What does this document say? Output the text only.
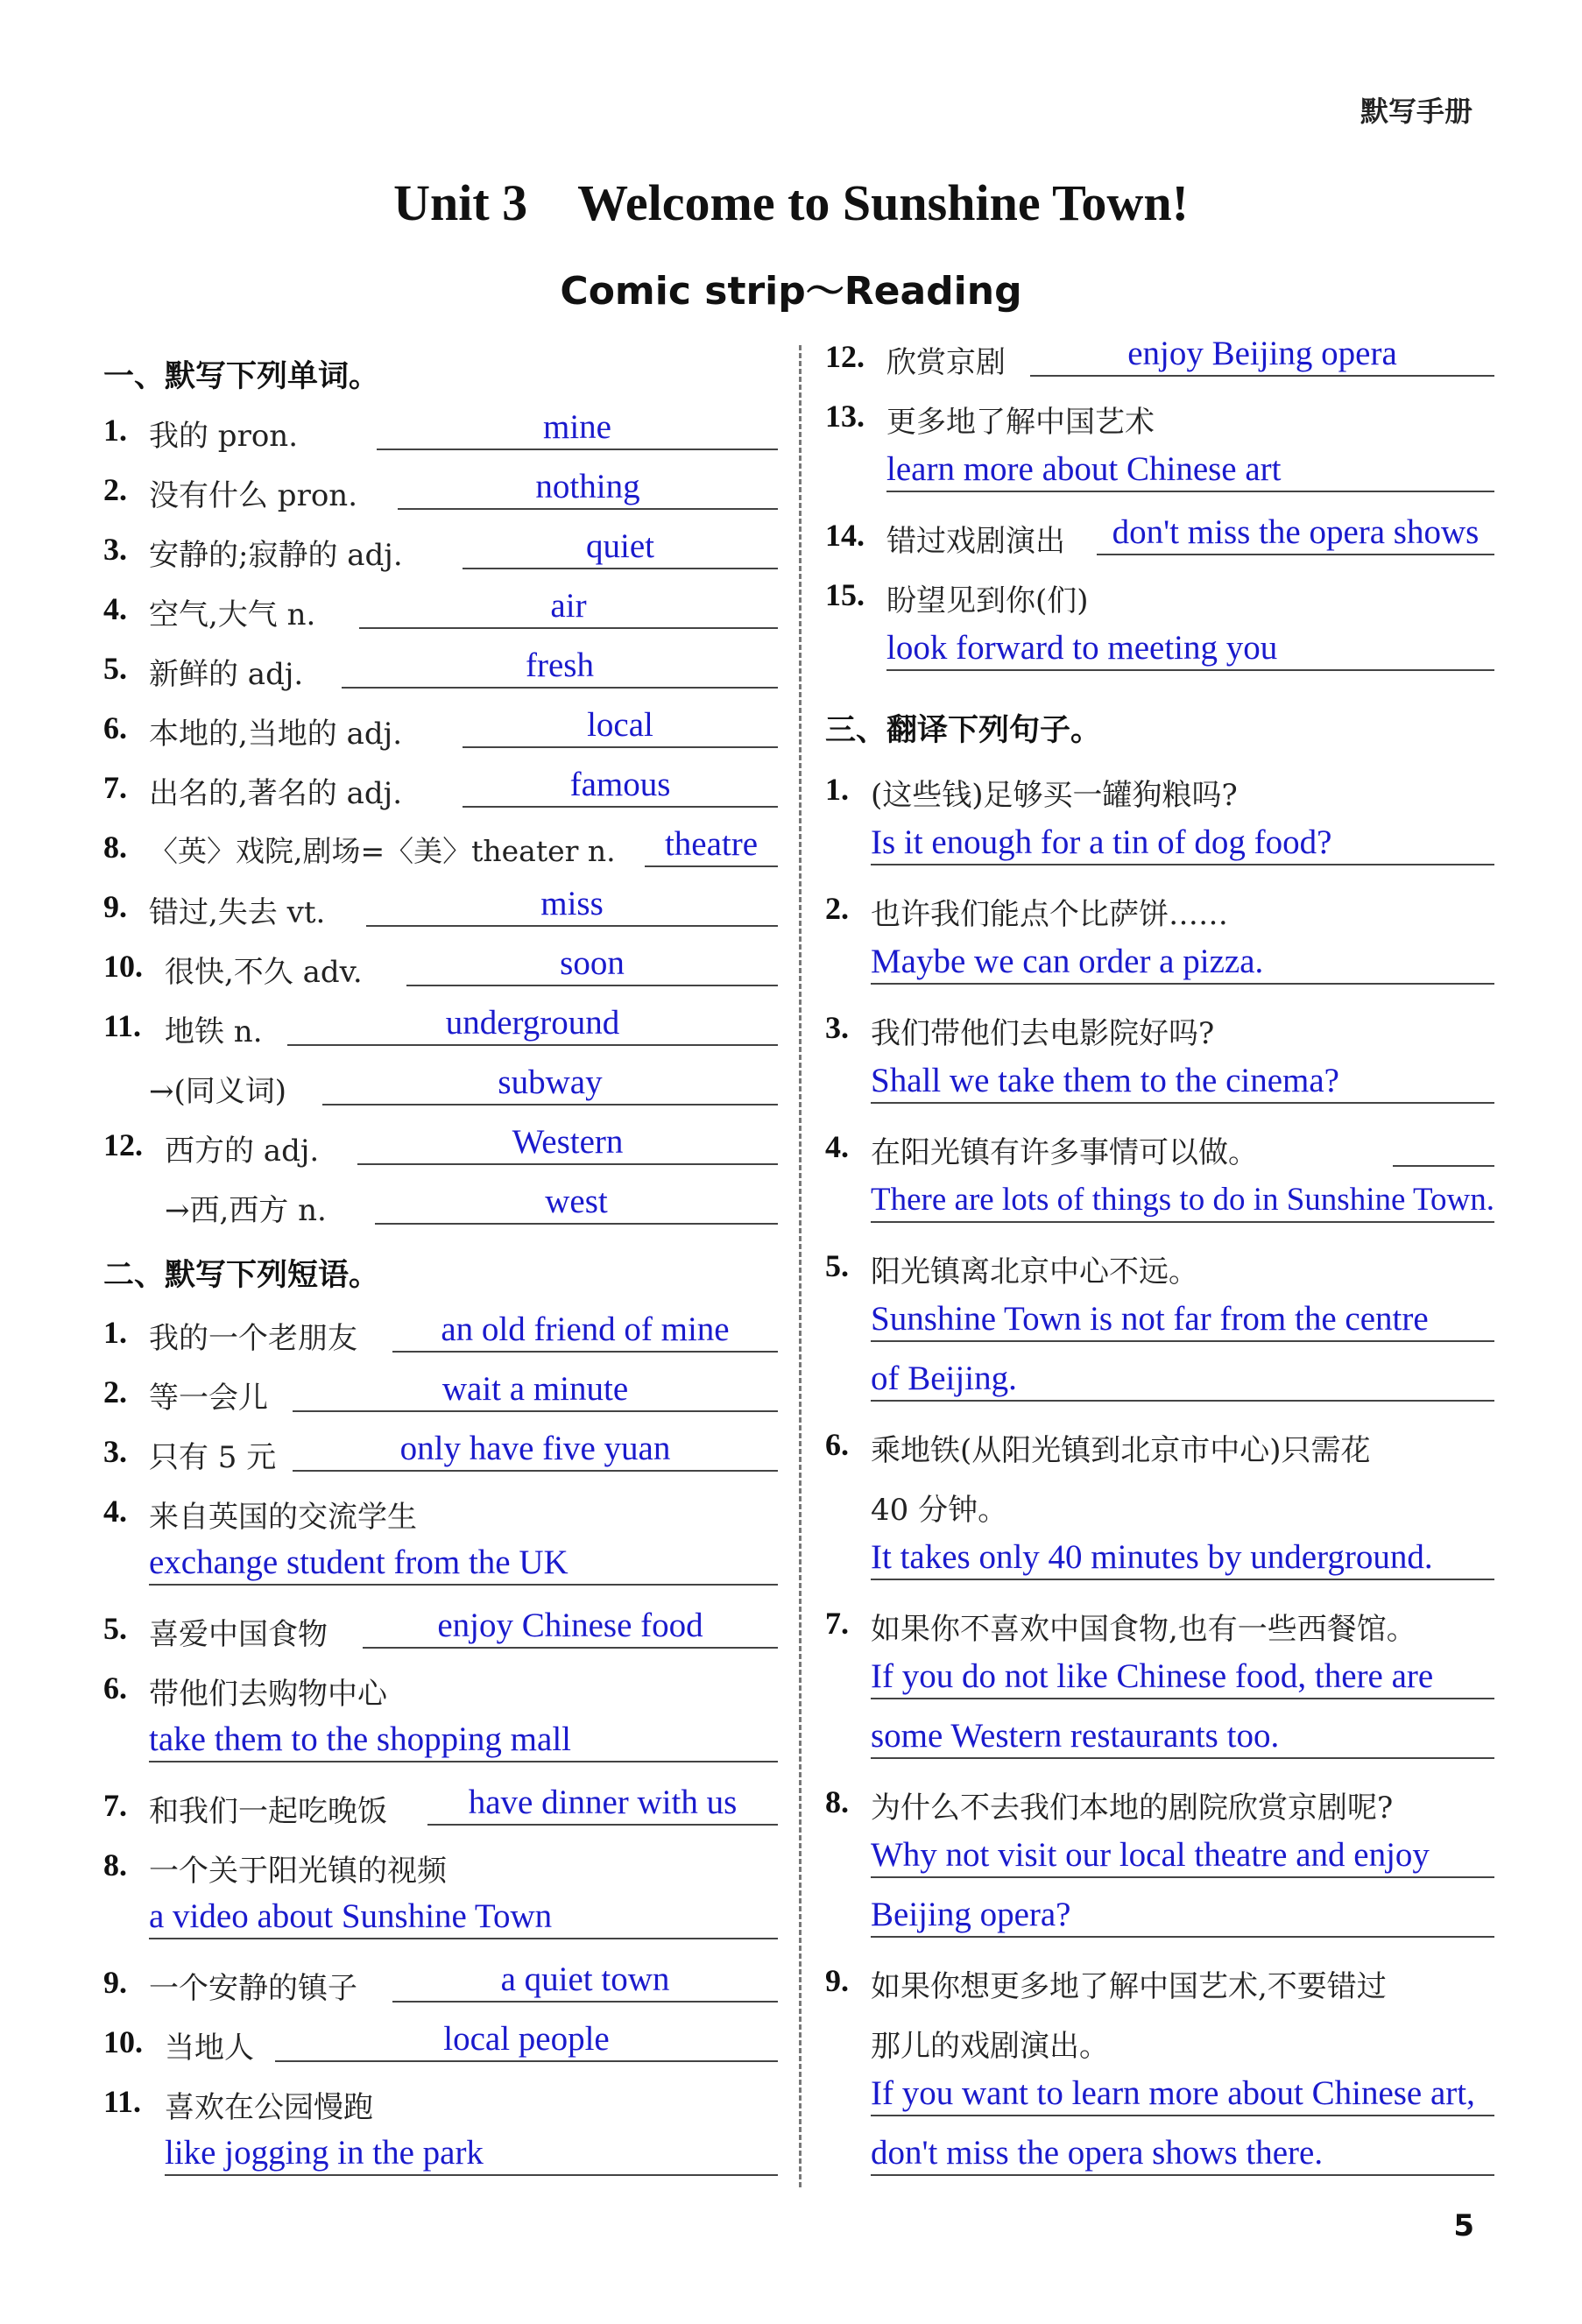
默写手册
Unit 3    Welcome to Sunshine Town!
Comic strip～Reading
一、默写下列单词。
1. 我的 pron.	mine
2. 没有什么 pron.	nothing
3. 安静的;寂静的 adj.	quiet
4. 空气,大气 n.	air
5. 新鲜的 adj.	fresh
6. 本地的,当地的 adj.	local
7. 出名的,著名的 adj.	famous
8. 〈英〉戏院,剧场=〈美〉theater n.	theatre
9. 错过,失去 vt.	miss
10. 很快,不久 adv.	soon
11. 地铁 n.	underground
→(同义词)	subway
12. 西方的 adj.	Western
→西,西方 n.	west
二、默写下列短语。
1. 我的一个老朋友	an old friend of mine
2. 等一会儿	wait a minute
3. 只有 5 元	only have five yuan
4. 来自英国的交流学生
exchange student from the UK
5. 喜爱中国食物	enjoy Chinese food
6. 带他们去购物中心
take them to the shopping mall
7. 和我们一起吃晚饭	have dinner with us
8. 一个关于阳光镇的视频
a video about Sunshine Town
9. 一个安静的镇子	a quiet town
10. 当地人	local people
11. 喜欢在公园慢跑
like jogging in the park
12. 欣赏京剧	enjoy Beijing opera
13. 更多地了解中国艺术
learn more about Chinese art
14. 错过戏剧演出	don't miss the opera shows
15. 盼望见到你(们)
look forward to meeting you
三、翻译下列句子。
1. (这些钱)足够买一罐狗粮吗?
Is it enough for a tin of dog food?
2. 也许我们能点个比萨饼……
Maybe we can order a pizza.
3. 我们带他们去电影院好吗?
Shall we take them to the cinema?
4. 在阳光镇有许多事情可以做。
There are lots of things to do in Sunshine Town.
5. 阳光镇离北京中心不远。
Sunshine Town is not far from the centre
of Beijing.
6. 乘地铁(从阳光镇到北京市中心)只需花
40 分钟。
It takes only 40 minutes by underground.
7. 如果你不喜欢中国食物,也有一些西餐馆。
If you do not like Chinese food, there are
some Western restaurants too.
8. 为什么不去我们本地的剧院欣赏京剧呢?
Why not visit our local theatre and enjoy
Beijing opera?
9. 如果你想更多地了解中国艺术,不要错过
那儿的戏剧演出。
If you want to learn more about Chinese art,
don't miss the opera shows there.
5
